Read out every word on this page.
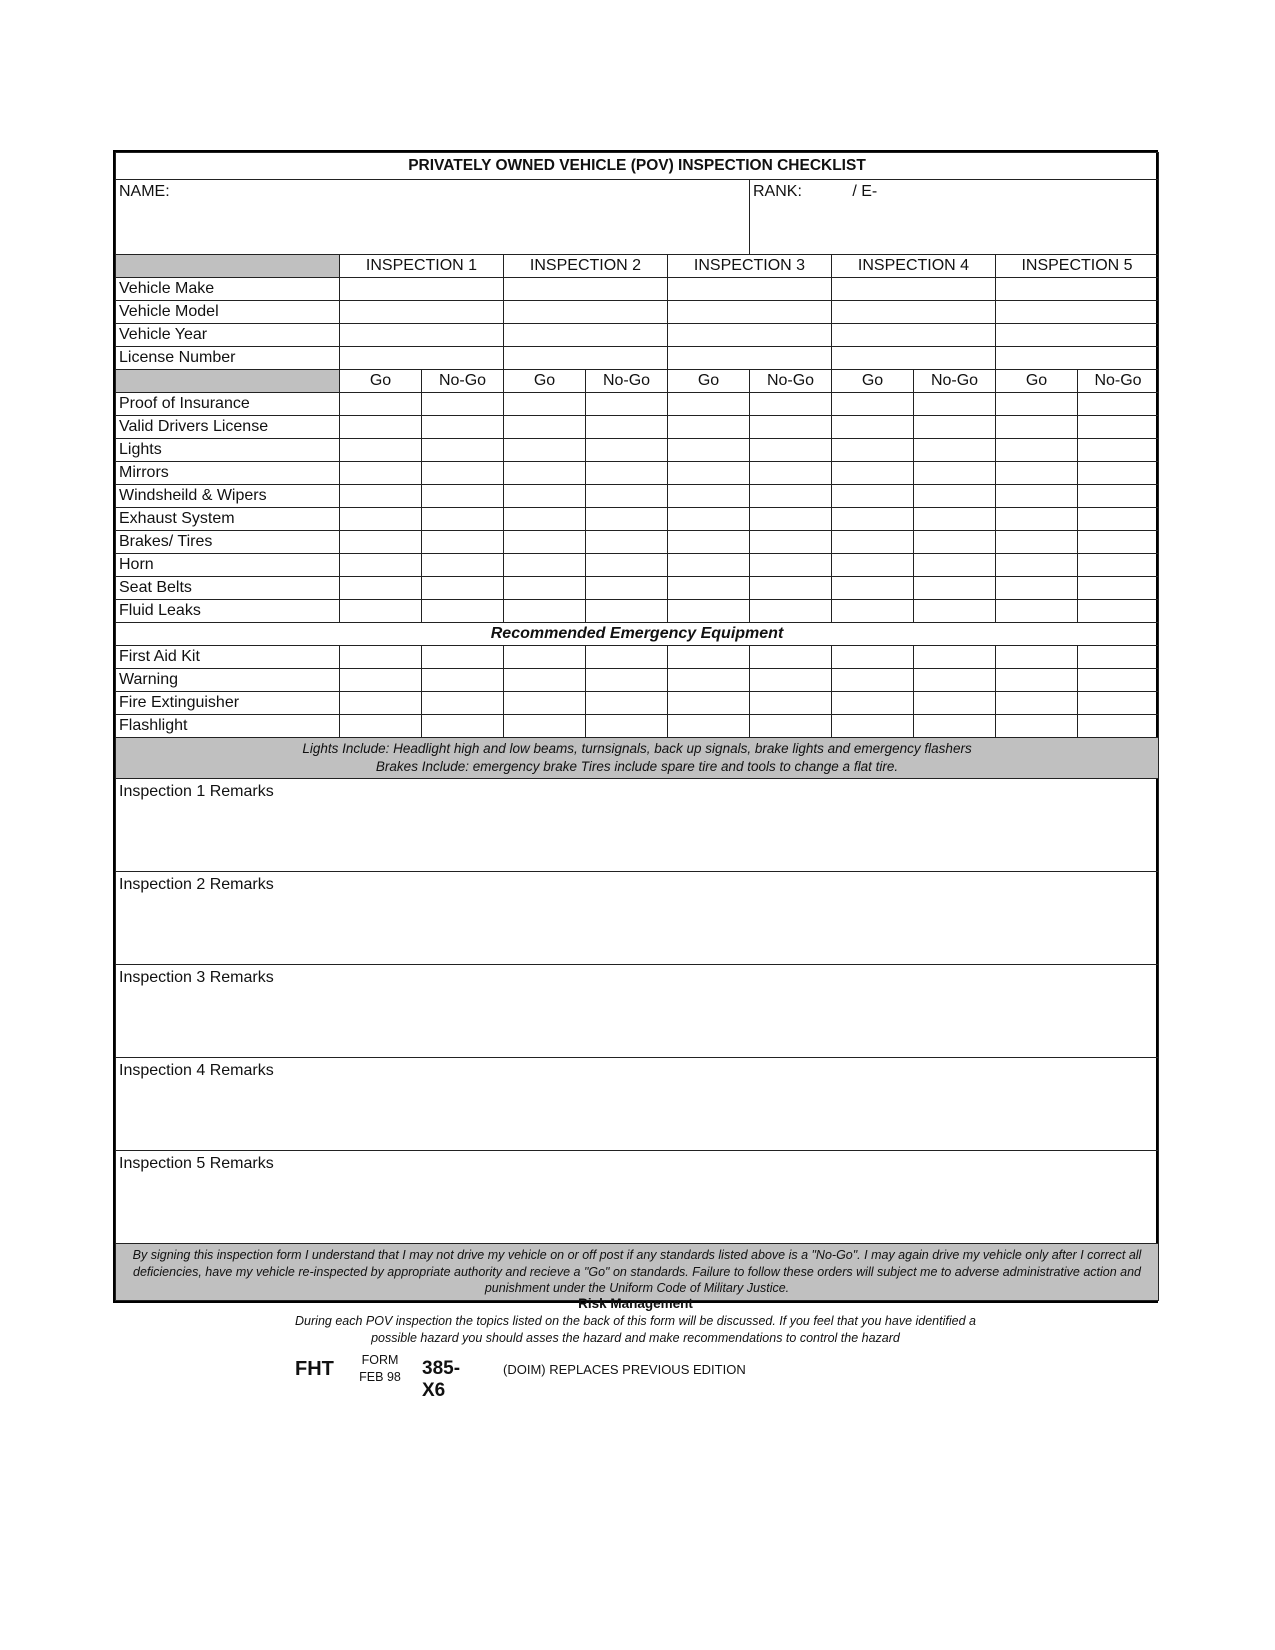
PRIVATELY OWNED VEHICLE (POV) INSPECTION CHECKLIST										
NAME:						RANK: / E-				
	INSPECTION 1		INSPECTION 2		INSPECTION 3		INSPECTION 4		INSPECTION 5	
Vehicle Make										
Vehicle Model										
Vehicle Year										
License Number										
	Go	No-Go	Go	No-Go	Go	No-Go	Go	No-Go	Go	No-Go
Proof of Insurance										
Valid Drivers License										
Lights										
Mirrors										
Windsheild & Wipers										
Exhaust System										
Brakes/ Tires										
Horn										
Seat Belts										
Fluid Leaks										
Recommended Emergency Equipment										
First Aid Kit										
Warning										
Fire Extinguisher										
Flashlight										

Lights Include: Headlight high and low beams, turnsignals, back up signals, brake lights and emergency flashers
Brakes Include: emergency brake Tires include spare tire and tools to change a flat tire.										

Inspection 1 Remarks										
Inspection 2 Remarks										
Inspection 3 Remarks										
Inspection 4 Remarks										
Inspection 5 Remarks										
By signing this inspection form I understand that I may not drive my vehicle on or off post if any standards listed above is a "No-Go". I may again drive my vehicle only after I correct all deficiencies, have my vehicle re-inspected by appropriate authority and recieve a "Go" on standards. Failure to follow these orders will subject me to adverse administrative action and punishment under the Uniform Code of Military Justice.										
Risk Management
During each POV inspection the topics listed on the back of this form will be discussed. If you feel that you have identified a possible hazard you should asses the hazard and make recommendations to control the hazard
FHT	FORM
FEB 98 385-X6
(DOIM) REPLACES PREVIOUS EDITION
